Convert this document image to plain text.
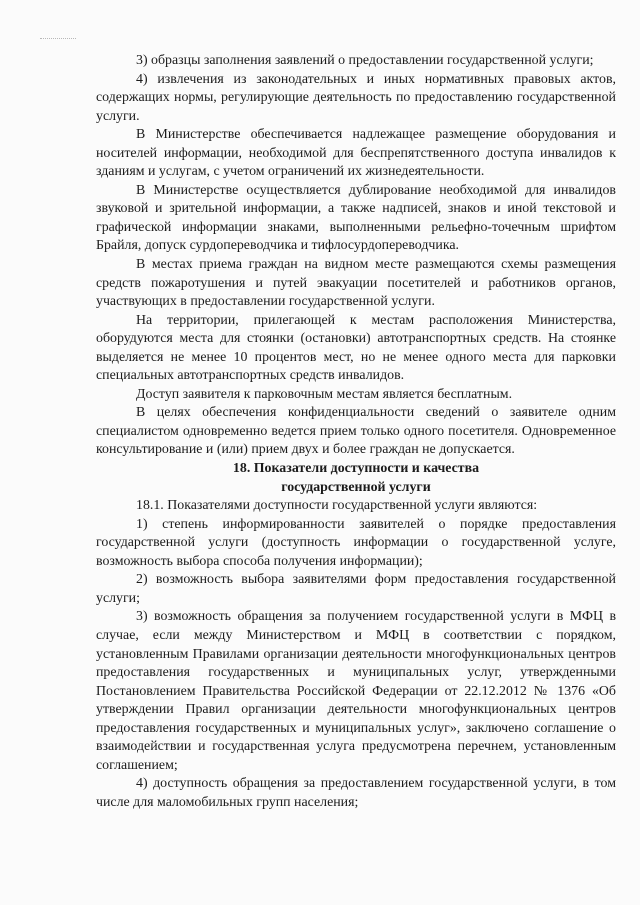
3) образцы заполнения заявлений о предоставлении государственной услуги;

4) извлечения из законодательных и иных нормативных правовых актов, содержащих нормы, регулирующие деятельность по предоставлению государственной услуги.

В Министерстве обеспечивается надлежащее размещение оборудования и носителей информации, необходимой для беспрепятственного доступа инвалидов к зданиям и услугам, с учетом ограничений их жизнедеятельности.

В Министерстве осуществляется дублирование необходимой для инвалидов звуковой и зрительной информации, а также надписей, знаков и иной текстовой и графической информации знаками, выполненными рельефно-точечным шрифтом Брайля, допуск сурдопереводчика и тифлосурдопереводчика.

В местах приема граждан на видном месте размещаются схемы размещения средств пожаротушения и путей эвакуации посетителей и работников органов, участвующих в предоставлении государственной услуги.

На территории, прилегающей к местам расположения Министерства, оборудуются места для стоянки (остановки) автотранспортных средств. На стоянке выделяется не менее 10 процентов мест, но не менее одного места для парковки специальных автотранспортных средств инвалидов.

Доступ заявителя к парковочным местам является бесплатным.

В целях обеспечения конфиденциальности сведений о заявителе одним специалистом одновременно ведется прием только одного посетителя. Одновременное консультирование и (или) прием двух и более граждан не допускается.

18. Показатели доступности и качества

государственной услуги

18.1. Показателями доступности государственной услуги являются:

1) степень информированности заявителей о порядке предоставления государственной услуги (доступность информации о государственной услуге, возможность выбора способа получения информации);

2) возможность выбора заявителями форм предоставления государственной услуги;

3) возможность обращения за получением государственной услуги в МФЦ в случае, если между Министерством и МФЦ в соответствии с порядком, установленным Правилами организации деятельности многофункциональных центров предоставления государственных и муниципальных услуг, утвержденными Постановлением Правительства Российской Федерации от 22.12.2012 № 1376 «Об утверждении Правил организации деятельности многофункциональных центров предоставления государственных и муниципальных услуг», заключено соглашение о взаимодействии и государственная услуга предусмотрена перечнем, установленным соглашением;

4) доступность обращения за предоставлением государственной услуги, в том числе для маломобильных групп населения;
